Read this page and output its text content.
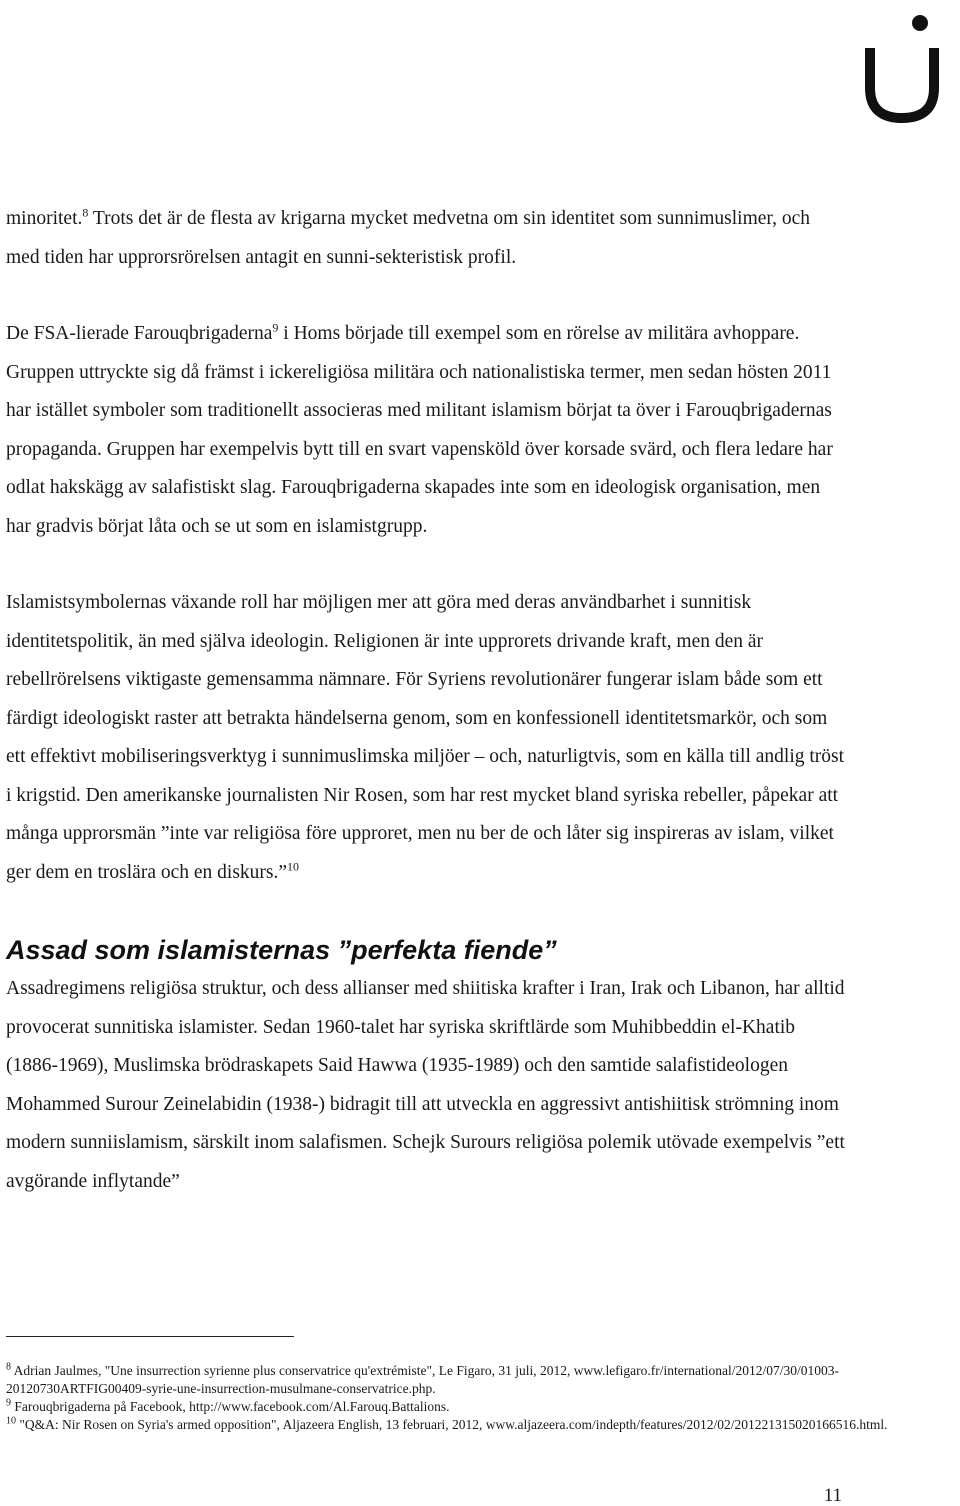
minoritet.$^8$ Trots det är de flesta av krigarna mycket medvetna om sin identitet som sunnimuslimer, och med tiden har upprorsrörelsen antagit en sunni-sekteristisk profil.

De FSA-lierade Farouqbrigaderna$^9$ i Homs började till exempel som en rörelse av militära avhoppare. Gruppen uttryckte sig då främst i ickereligiösa militära och nationalistiska termer, men sedan hösten 2011 har istället symboler som traditionellt associeras med militant islamism börjat ta över i Farouqbrigadernas propaganda. Gruppen har exempelvis bytt till en svart vapensköld över korsade svärd, och flera ledare har odlat hakskägg av salafistiskt slag. Farouqbrigaderna skapades inte som en ideologisk organisation, men har gradvis börjat låta och se ut som en islamistgrupp.

Islamistsymbolernas växande roll har möjligen mer att göra med deras användbarhet i sunnitisk identitetspolitik, än med själva ideologin. Religionen är inte upprorets drivande kraft, men den är rebellrörelsens viktigaste gemensamma nämnare. För Syriens revolutionärer fungerar islam både som ett färdigt ideologiskt raster att betrakta händelserna genom, som en konfessionell identitetsmarkör, och som ett effektivt mobiliseringsverktyg i sunnimuslimska miljöer – och, naturligtvis, som en källa till andlig tröst i krigstid. Den amerikanske journalisten Nir Rosen, som har rest mycket bland syriska rebeller, påpekar att många upprorsmän ”inte var religiösa före upproret, men nu ber de och låter sig inspireras av islam, vilket ger dem en troslära och en diskurs.”$^{10}$

Assad som islamisternas ”perfekta fiende”

Assadregimens religiösa struktur, och dess allianser med shiitiska krafter i Iran, Irak och Libanon, har alltid provocerat sunnitiska islamister. Sedan 1960-talet har syriska skriftlärde som Muhibbeddin el-Khatib (1886-1969), Muslimska brödraskapets Said Hawwa (1935-1989) och den samtide salafistideologen Mohammed Surour Zeinelabidin (1938-) bidragit till att utveckla en aggressivt antishiitisk strömning inom modern sunniislamism, särskilt inom salafismen. Schejk Surours religiösa polemik utövade exempelvis ”ett avgörande inflytande”

$^8$ Adrian Jaulmes, "Une insurrection syrienne plus conservatrice qu'extrémiste", Le Figaro, 31 juli, 2012, www.lefigaro.fr/international/2012/07/30/01003-20120730ARTFIG00409-syrie-une-insurrection-musulmane-conservatrice.php.

$^9$ Farouqbrigaderna på Facebook, http://www.facebook.com/Al.Farouq.Battalions.

$^{10}$ "Q&A: Nir Rosen on Syria's armed opposition", Aljazeera English, 13 februari, 2012, www.aljazeera.com/indepth/features/2012/02/201221315020166516.html.

11
